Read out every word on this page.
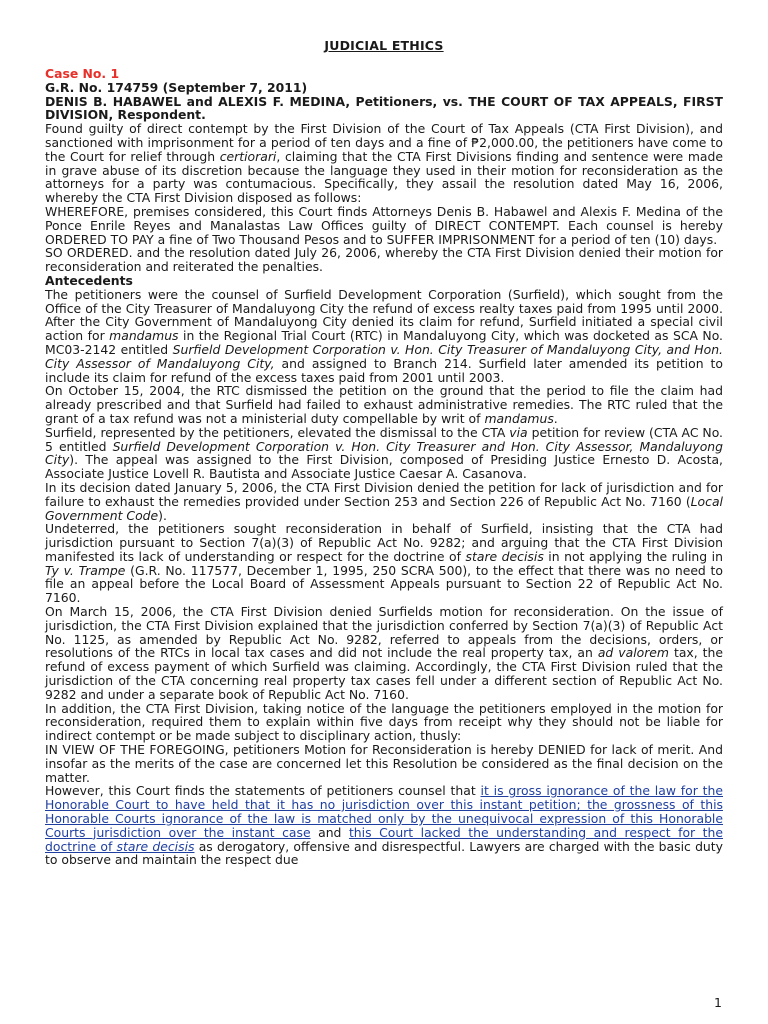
JUDICIAL ETHICS

Case No. 1

G.R. No. 174759 (September 7, 2011)

DENIS B. HABAWEL and ALEXIS F. MEDINA, Petitioners, vs. THE COURT OF TAX APPEALS, FIRST DIVISION, Respondent.

Found guilty of direct contempt by the First Division of the Court of Tax Appeals (CTA First Division), and sanctioned with imprisonment for a period of ten days and a fine of ₱2,000.00, the petitioners have come to the Court for relief through certiorari, claiming that the CTA First Divisions finding and sentence were made in grave abuse of its discretion because the language they used in their motion for reconsideration as the attorneys for a party was contumacious. Specifically, they assail the resolution dated May 16, 2006, whereby the CTA First Division disposed as follows:

WHEREFORE, premises considered, this Court finds Attorneys Denis B. Habawel and Alexis F. Medina of the Ponce Enrile Reyes and Manalastas Law Offices guilty of DIRECT CONTEMPT. Each counsel is hereby ORDERED TO PAY a fine of Two Thousand Pesos and to SUFFER IMPRISONMENT for a period of ten (10) days.

SO ORDERED. and the resolution dated July 26, 2006, whereby the CTA First Division denied their motion for reconsideration and reiterated the penalties.

Antecedents

The petitioners were the counsel of Surfield Development Corporation (Surfield), which sought from the Office of the City Treasurer of Mandaluyong City the refund of excess realty taxes paid from 1995 until 2000. After the City Government of Mandaluyong City denied its claim for refund, Surfield initiated a special civil action for mandamus in the Regional Trial Court (RTC) in Mandaluyong City, which was docketed as SCA No. MC03-2142 entitled Surfield Development Corporation v. Hon. City Treasurer of Mandaluyong City, and Hon. City Assessor of Mandaluyong City, and assigned to Branch 214. Surfield later amended its petition to include its claim for refund of the excess taxes paid from 2001 until 2003.

On October 15, 2004, the RTC dismissed the petition on the ground that the period to file the claim had already prescribed and that Surfield had failed to exhaust administrative remedies. The RTC ruled that the grant of a tax refund was not a ministerial duty compellable by writ of mandamus.

Surfield, represented by the petitioners, elevated the dismissal to the CTA via petition for review (CTA AC No. 5 entitled Surfield Development Corporation v. Hon. City Treasurer and Hon. City Assessor, Mandaluyong City). The appeal was assigned to the First Division, composed of Presiding Justice Ernesto D. Acosta, Associate Justice Lovell R. Bautista and Associate Justice Caesar A. Casanova.

In its decision dated January 5, 2006, the CTA First Division denied the petition for lack of jurisdiction and for failure to exhaust the remedies provided under Section 253 and Section 226 of Republic Act No. 7160 (Local Government Code).

Undeterred, the petitioners sought reconsideration in behalf of Surfield, insisting that the CTA had jurisdiction pursuant to Section 7(a)(3) of Republic Act No. 9282; and arguing that the CTA First Division manifested its lack of understanding or respect for the doctrine of stare decisis in not applying the ruling in Ty v. Trampe (G.R. No. 117577, December 1, 1995, 250 SCRA 500), to the effect that there was no need to file an appeal before the Local Board of Assessment Appeals pursuant to Section 22 of Republic Act No. 7160.

On March 15, 2006, the CTA First Division denied Surfields motion for reconsideration. On the issue of jurisdiction, the CTA First Division explained that the jurisdiction conferred by Section 7(a)(3) of Republic Act No. 1125, as amended by Republic Act No. 9282, referred to appeals from the decisions, orders, or resolutions of the RTCs in local tax cases and did not include the real property tax, an ad valorem tax, the refund of excess payment of which Surfield was claiming. Accordingly, the CTA First Division ruled that the jurisdiction of the CTA concerning real property tax cases fell under a different section of Republic Act No. 9282 and under a separate book of Republic Act No. 7160.

In addition, the CTA First Division, taking notice of the language the petitioners employed in the motion for reconsideration, required them to explain within five days from receipt why they should not be liable for indirect contempt or be made subject to disciplinary action, thusly:

IN VIEW OF THE FOREGOING, petitioners Motion for Reconsideration is hereby DENIED for lack of merit. And insofar as the merits of the case are concerned let this Resolution be considered as the final decision on the matter.

However, this Court finds the statements of petitioners counsel that it is gross ignorance of the law for the Honorable Court to have held that it has no jurisdiction over this instant petition; the grossness of this Honorable Courts ignorance of the law is matched only by the unequivocal expression of this Honorable Courts jurisdiction over the instant case and this Court lacked the understanding and respect for the doctrine of stare decisis as derogatory, offensive and disrespectful. Lawyers are charged with the basic duty to observe and maintain the respect due

1
